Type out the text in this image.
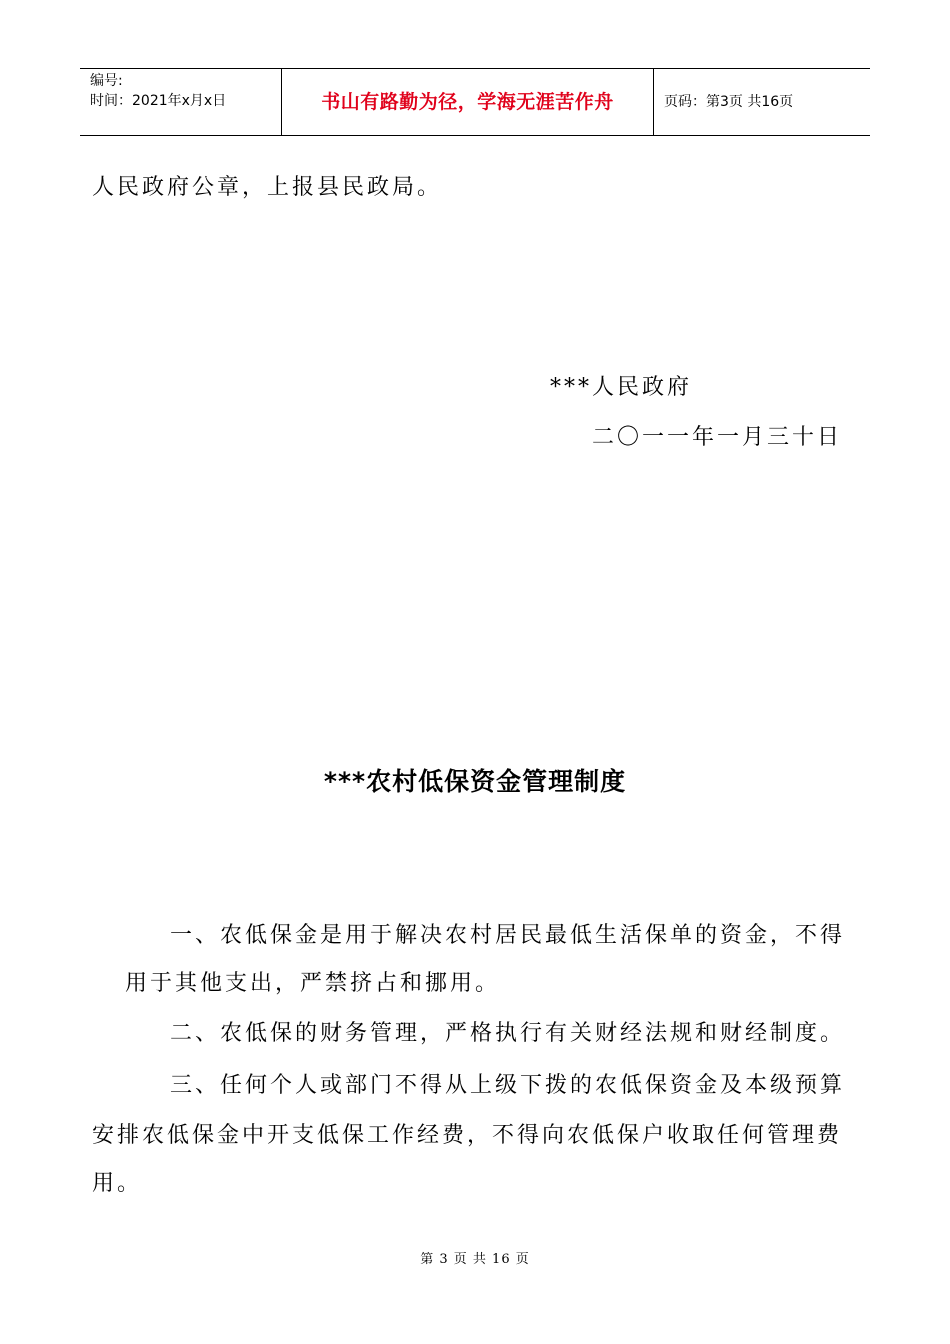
编号:
时间：2021年x月x日	书山有路勤为径，学海无涯苦作舟	页码：第3页 共16页
人民政府公章，上报县民政局。
***人民政府
二〇一一年一月三十日
***农村低保资金管理制度
一、农低保金是用于解决农村居民最低生活保单的资金，不得
用于其他支出，严禁挤占和挪用。
二、农低保的财务管理，严格执行有关财经法规和财经制度。
三、任何个人或部门不得从上级下拨的农低保资金及本级预算
安排农低保金中开支低保工作经费，不得向农低保户收取任何管理费
用。
第 3 页 共 16 页
